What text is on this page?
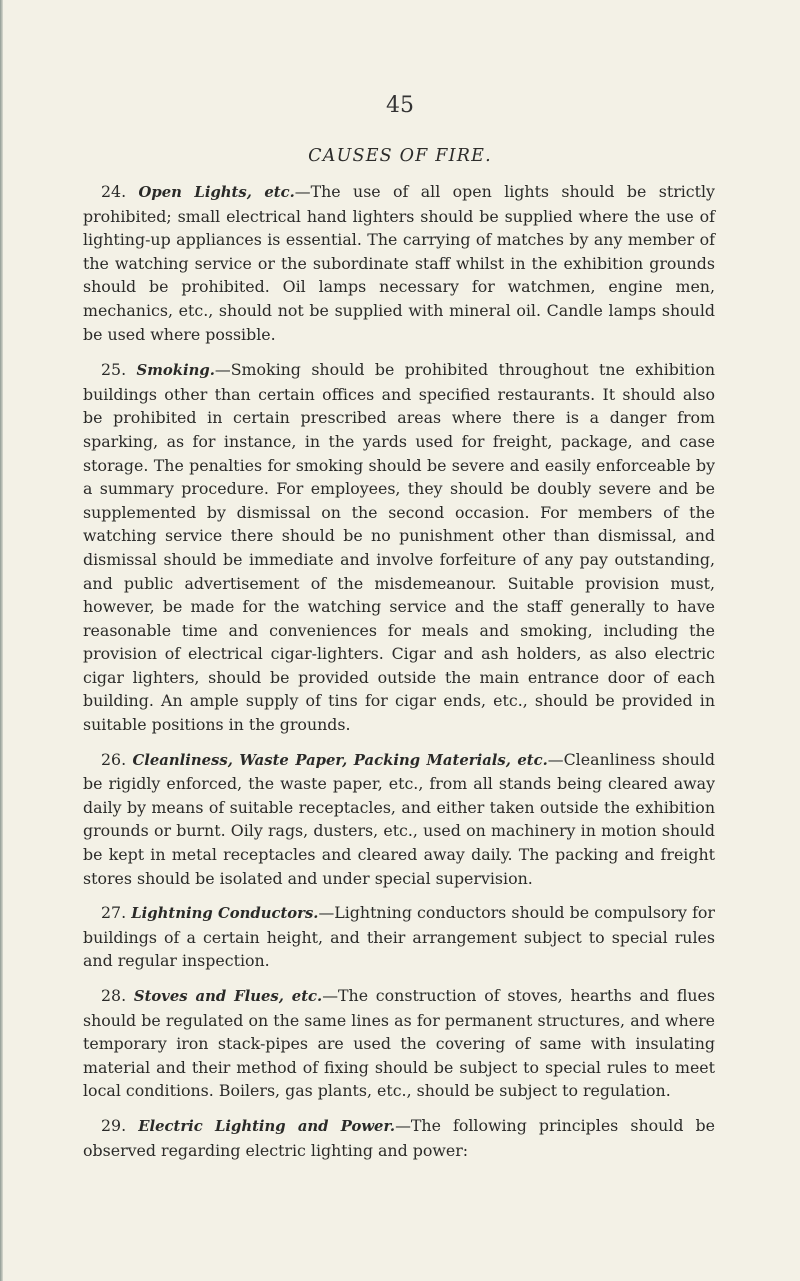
45
CAUSES OF FIRE.

24. Open Lights, etc.—The use of all open lights should be strictly prohibited; small electrical hand lighters should be supplied where the use of lighting-up appliances is essential. The carrying of matches by any member of the watching service or the subordinate staff whilst in the exhibition grounds should be prohibited. Oil lamps necessary for watchmen, engine men, mechanics, etc., should not be supplied with mineral oil. Candle lamps should be used where possible.

25. Smoking.—Smoking should be prohibited throughout tne exhibition buildings other than certain offices and specified restaurants. It should also be prohibited in certain prescribed areas where there is a danger from sparking, as for instance, in the yards used for freight, package, and case storage. The penalties for smoking should be severe and easily enforceable by a summary procedure. For employees, they should be doubly severe and be supplemented by dismissal on the second occasion. For members of the watching service there should be no punishment other than dismissal, and dismissal should be immediate and involve forfeiture of any pay outstanding, and public advertisement of the misdemeanour. Suitable provision must, however, be made for the watching service and the staff generally to have reasonable time and conveniences for meals and smoking, including the provision of electrical cigar-lighters. Cigar and ash holders, as also electric cigar lighters, should be provided outside the main entrance door of each building. An ample supply of tins for cigar ends, etc., should be provided in suitable positions in the grounds.

26. Cleanliness, Waste Paper, Packing Materials, etc.—Cleanliness should be rigidly enforced, the waste paper, etc., from all stands being cleared away daily by means of suitable receptacles, and either taken outside the exhibition grounds or burnt. Oily rags, dusters, etc., used on machinery in motion should be kept in metal receptacles and cleared away daily. The packing and freight stores should be isolated and under special supervision.

27. Lightning Conductors.—Lightning conductors should be compulsory for buildings of a certain height, and their arrangement subject to special rules and regular inspection.

28. Stoves and Flues, etc.—The construction of stoves, hearths and flues should be regulated on the same lines as for permanent structures, and where temporary iron stack-pipes are used the covering of same with insulating material and their method of fixing should be subject to special rules to meet local conditions. Boilers, gas plants, etc., should be subject to regulation.

29. Electric Lighting and Power.—The following principles should be observed regarding electric lighting and power:
